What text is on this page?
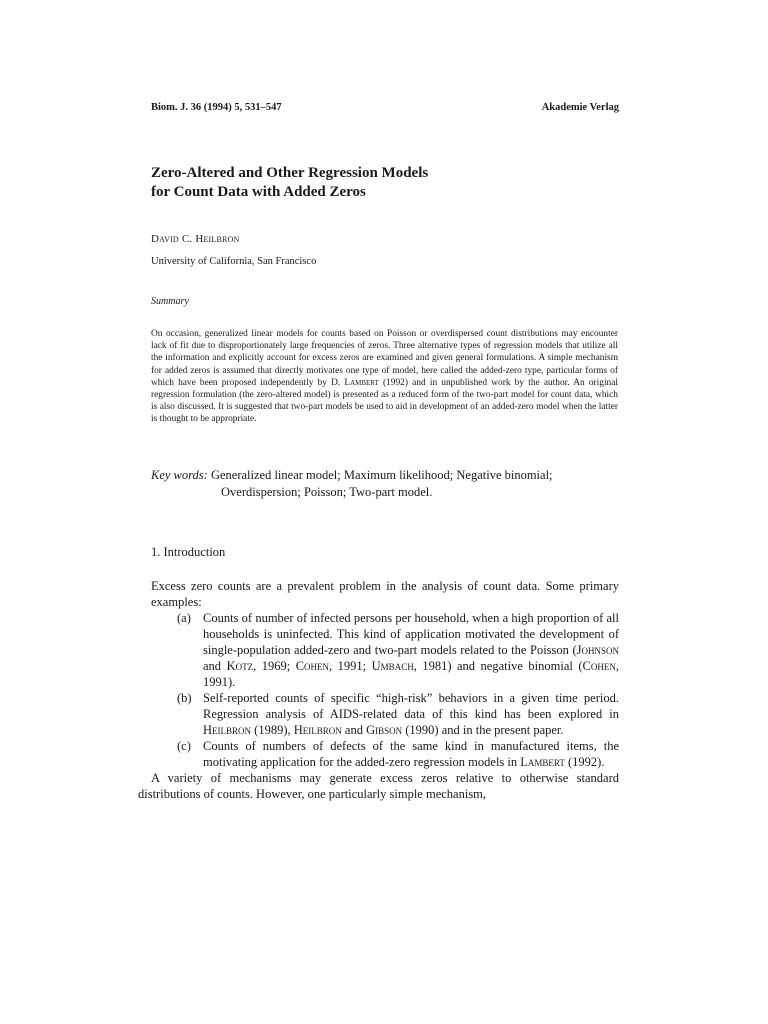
Biom. J. 36 (1994) 5, 531–547	Akademie Verlag
Zero-Altered and Other Regression Models
for Count Data with Added Zeros
David C. Heilbron
University of California, San Francisco
Summary

On occasion, generalized linear models for counts based on Poisson or overdispersed count distributions may encounter lack of fit due to disproportionately large frequencies of zeros. Three alternative types of regression models that utilize all the information and explicitly account for excess zeros are examined and given general formulations. A simple mechanism for added zeros is assumed that directly motivates one type of model, here called the added-zero type, particular forms of which have been proposed independently by D. Lambert (1992) and in unpublished work by the author. An original regression formulation (the zero-altered model) is presented as a reduced form of the two-part model for count data, which is also discussed. It is suggested that two-part models be used to aid in development of an added-zero model when the latter is thought to be appropriate.

Key words: Generalized linear model; Maximum likelihood; Negative binomial;
Overdispersion; Poisson; Two-part model.
1. Introduction

Excess zero counts are a prevalent problem in the analysis of count data. Some primary examples:

(a) Counts of number of infected persons per household, when a high proportion of all households is uninfected. This kind of application motivated the development of single-population added-zero and two-part models related to the Poisson (Johnson and Kotz, 1969; Cohen, 1991; Umbach, 1981) and negative binomial (Cohen, 1991).
(b) Self-reported counts of specific “high-risk” behaviors in a given time period. Regression analysis of AIDS-related data of this kind has been explored in Heilbron (1989), Heilbron and Gibson (1990) and in the present paper.
(c) Counts of numbers of defects of the same kind in manufactured items, the motivating application for the added-zero regression models in Lambert (1992).

A variety of mechanisms may generate excess zeros relative to otherwise standard distributions of counts. However, one particularly simple mechanism,
